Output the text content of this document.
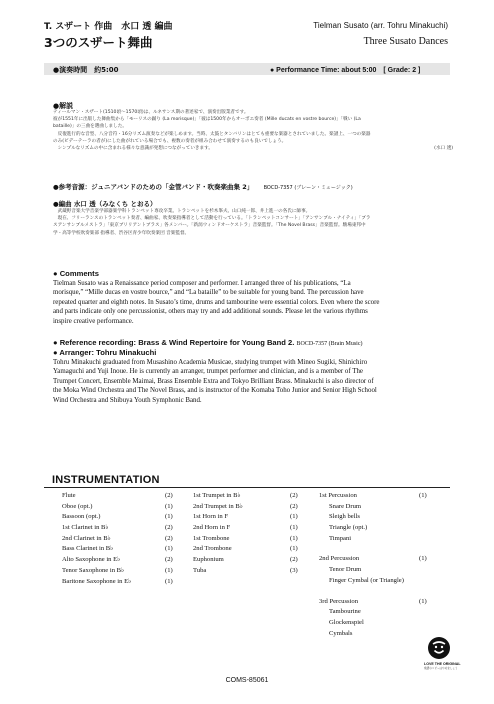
T. スザート 作曲　水口 透 編曲
3つのスザート舞曲
Tielman Susato (arr. Tohru Minakuchi)
Three Susato Dances
●演奏時間　約5:00	● Performance Time: about 5:00　[ Grade: 2 ]
●解説
ティールマン・スザート(1510頃～1570頃)は、ルネサンス期の著述家で、演奏出版業者です。
彼が1551年に出版した舞曲集から「モーリスの踊り (La morisque)」「彼は1500年からオーボエ奏者 (Mille ducats en vostre bource)」「戦い (La
bataille)」の三曲を選曲しました。
　反復進行的な音型、八分音符・16分リズム演奏などが楽しめます。当時、太鼓とタンバリンはとても重要な楽器とされていました。楽譜上、一つの楽器
のみ(ビデーテーラの者が)にした曲がれている場合でも、複数の奏者が組み合わせて演奏するのも良いでしょう。
　シンプルなリズムの中に含まれる様々な意識が発想につながっていきます。	(水口 透)
●参考音源：ジュニアバンドのための「金管バンド・吹奏楽曲集 2」 BOCD-7357 (ブレーン・ミュージック)
●編曲 水口 透（みなくち とおる）
　武蔵野音楽大学音楽学部器楽学科トランペット専攻卒業。トランペットを杉木峯夫、山口純一郎、井上進一の各氏に師事。
　現在、フリーランスのトランペット奏者、編曲家、吹奏楽指導者として活動を行っている。「トランペットコンサート」「アンサンブル・ナイティ」「ブラ
スアンサンブルメストラ」「東京ブリリアントブラス」各メンバー。「新潟ウィンドオーケストラ」音楽監督。「The Novel Brass」音楽監督。駒場東邦中
学・高等学校吹奏楽部 指導者、渋谷区青少年吹奏楽団 音楽監督。
● Comments
Tielman Susato was a Renaissance period composer and performer. I arranged three of his publications, “La
morisque,” “Mille ducas en vostre bource,” and “La bataille” to be suitable for young band. The percussion have
repeated quarter and eighth notes. In Susato’s time, drums and tambourine were essential colors. Even where the score
and parts indicate only one percussionist, others may try and add additional sounds. Please let the various rhythms
inspire creative performance.
● Reference recording: Brass & Wind Repertoire for Young Band 2. BOCD-7357 (Brain Music)
● Arranger: Tohru Minakuchi
Tohru Minakuchi graduated from Musashino Academia Musicae, studying trumpet with Mineo Sugiki, Shinichiro
Yamaguchi and Yuji Inoue. He is currently an arranger, trumpet performer and clinician, and is a member of The
Trumpet Concert, Ensemble Maimai, Brass Ensemble Extra and Tokyo Brilliant Brass. Minakuchi is also director of
the Moka Wind Orchestra and The Novel Brass, and is instructor of the Komaba Toho Junior and Senior High School
Wind Orchestra and Shibuya Youth Symphonic Band.
INSTRUMENTATION
Flute	(2)
Oboe (opt.)	(1)
Bassoon (opt.)	(1)
1st Clarinet in B♭	(2)
2nd Clarinet in B♭	(2)
Bass Clarinet in B♭	(1)
Alto Saxophone in E♭	(2)
Tenor Saxophone in B♭	(1)
Baritone Saxophone in E♭	(1)
1st Trumpet in B♭	(2)
2nd Trumpet in B♭	(2)
1st Horn in F	(1)
2nd Horn in F	(1)
1st Trombone	(1)
2nd Trombone	(1)
Euphonium	(2)
Tuba	(3)
1st Percussion	(1)
Snare Drum
Sleigh bells
Triangle (opt.)
Timpani
2nd Percussion	(1)
Tenor Drum
Finger Cymbal (or Triangle)
3rd Percussion	(1)
Tambourine
Glockenspiel
Cymbals
LOVE THE ORIGINAL
楽譜のコピーはやめましょう
COMS-85061
